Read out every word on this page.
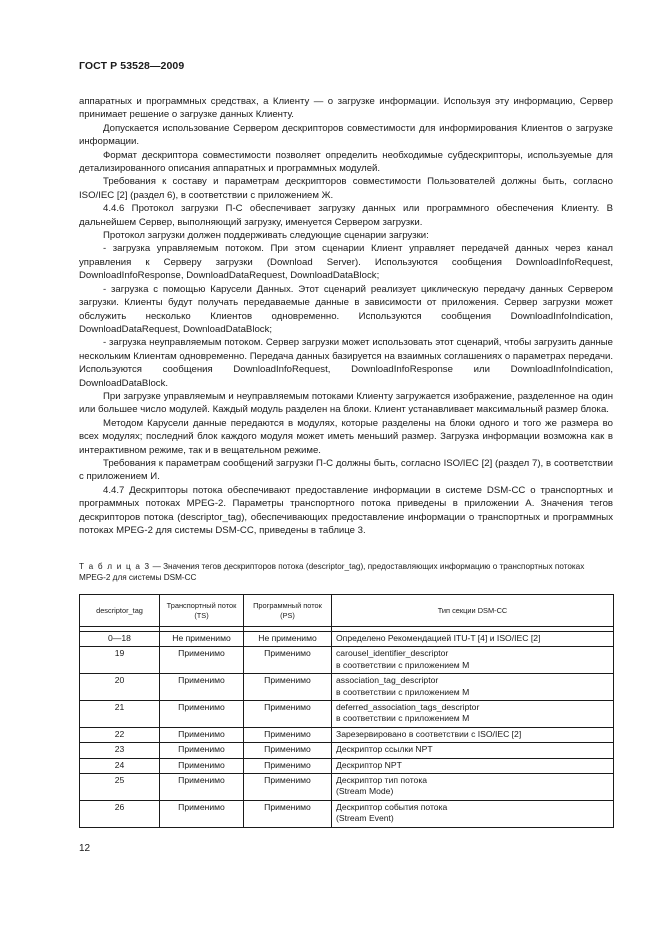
ГОСТ Р 53528—2009

аппаратных и программных средствах, а Клиенту — о загрузке информации. Используя эту информацию, Сервер принимает решение о загрузке данных Клиенту.

Допускается использование Сервером дескрипторов совместимости для информирования Клиентов о загрузке информации.

Формат дескриптора совместимости позволяет определить необходимые субдескрипторы, используемые для детализированного описания аппаратных и программных модулей.

Требования к составу и параметрам дескрипторов совместимости Пользователей должны быть, согласно ISO/IEC [2] (раздел 6), в соответствии с приложением Ж.

4.4.6 Протокол загрузки П-С обеспечивает загрузку данных или программного обеспечения Клиенту. В дальнейшем Сервер, выполняющий загрузку, именуется Сервером загрузки.

Протокол загрузки должен поддерживать следующие сценарии загрузки:

- загрузка управляемым потоком. При этом сценарии Клиент управляет передачей данных через канал управления к Серверу загрузки (Download Server). Используются сообщения DownloadInfoRequest, DownloadInfoResponse, DownloadDataRequest, DownloadDataBlock;

- загрузка с помощью Карусели Данных. Этот сценарий реализует циклическую передачу данных Сервером загрузки. Клиенты будут получать передаваемые данные в зависимости от приложения. Сервер загрузки может обслужить несколько Клиентов одновременно. Используются сообщения DownloadInfoIndication, DownloadDataRequest, DownloadDataBlock;

- загрузка неуправляемым потоком. Сервер загрузки может использовать этот сценарий, чтобы загрузить данные нескольким Клиентам одновременно. Передача данных базируется на взаимных соглашениях о параметрах передачи. Используются сообщения DownloadInfoRequest, DownloadInfoResponse или DownloadInfoIndication, DownloadDataBlock.

При загрузке управляемым и неуправляемым потоками Клиенту загружается изображение, разделенное на один или большее число модулей. Каждый модуль разделен на блоки. Клиент устанавливает максимальный размер блока.

Методом Карусели данные передаются в модулях, которые разделены на блоки одного и того же размера во всех модулях; последний блок каждого модуля может иметь меньший размер. Загрузка информации возможна как в интерактивном режиме, так и в вещательном режиме.

Требования к параметрам сообщений загрузки П-С должны быть, согласно ISO/IEC [2] (раздел 7), в соответствии с приложением И.

4.4.7 Дескрипторы потока обеспечивают предоставление информации в системе DSM-CC о транспортных и программных потоках MPEG-2. Параметры транспортного потока приведены в приложении А. Значения тегов дескрипторов потока (descriptor_tag), обеспечивающих предоставление информации о транспортных и программных потоках MPEG-2 для системы DSM-CC, приведены в таблице 3.

Т а б л и ц а 3 — Значения тегов дескрипторов потока (descriptor_tag), предоставляющих информацию о транспортных потоках MPEG-2 для системы DSM-CC
descriptor_tag	Транспортный поток (TS)	Программный поток (PS)	Тип секции DSM-CC

0—18	Не применимо	Не применимо	Определено Рекомендацией ITU-T [4] и ISO/IEC [2]

19	Применимо	Применимо	carousel_identifier_descriptor
в соответствии с приложением М

20	Применимо	Применимо	association_tag_descriptor
в соответствии с приложением М

21	Применимо	Применимо	deferred_association_tags_descriptor
в соответствии с приложением М

22	Применимо	Применимо	Зарезервировано в соответствии с ISO/IEC [2]

23	Применимо	Применимо	Дескриптор ссылки NPT

24	Применимо	Применимо	Дескриптор NPT

25	Применимо	Применимо	Дескриптор тип потока
(Stream Mode)

26	Применимо	Применимо	Дескриптор события потока
(Stream Event)
12
